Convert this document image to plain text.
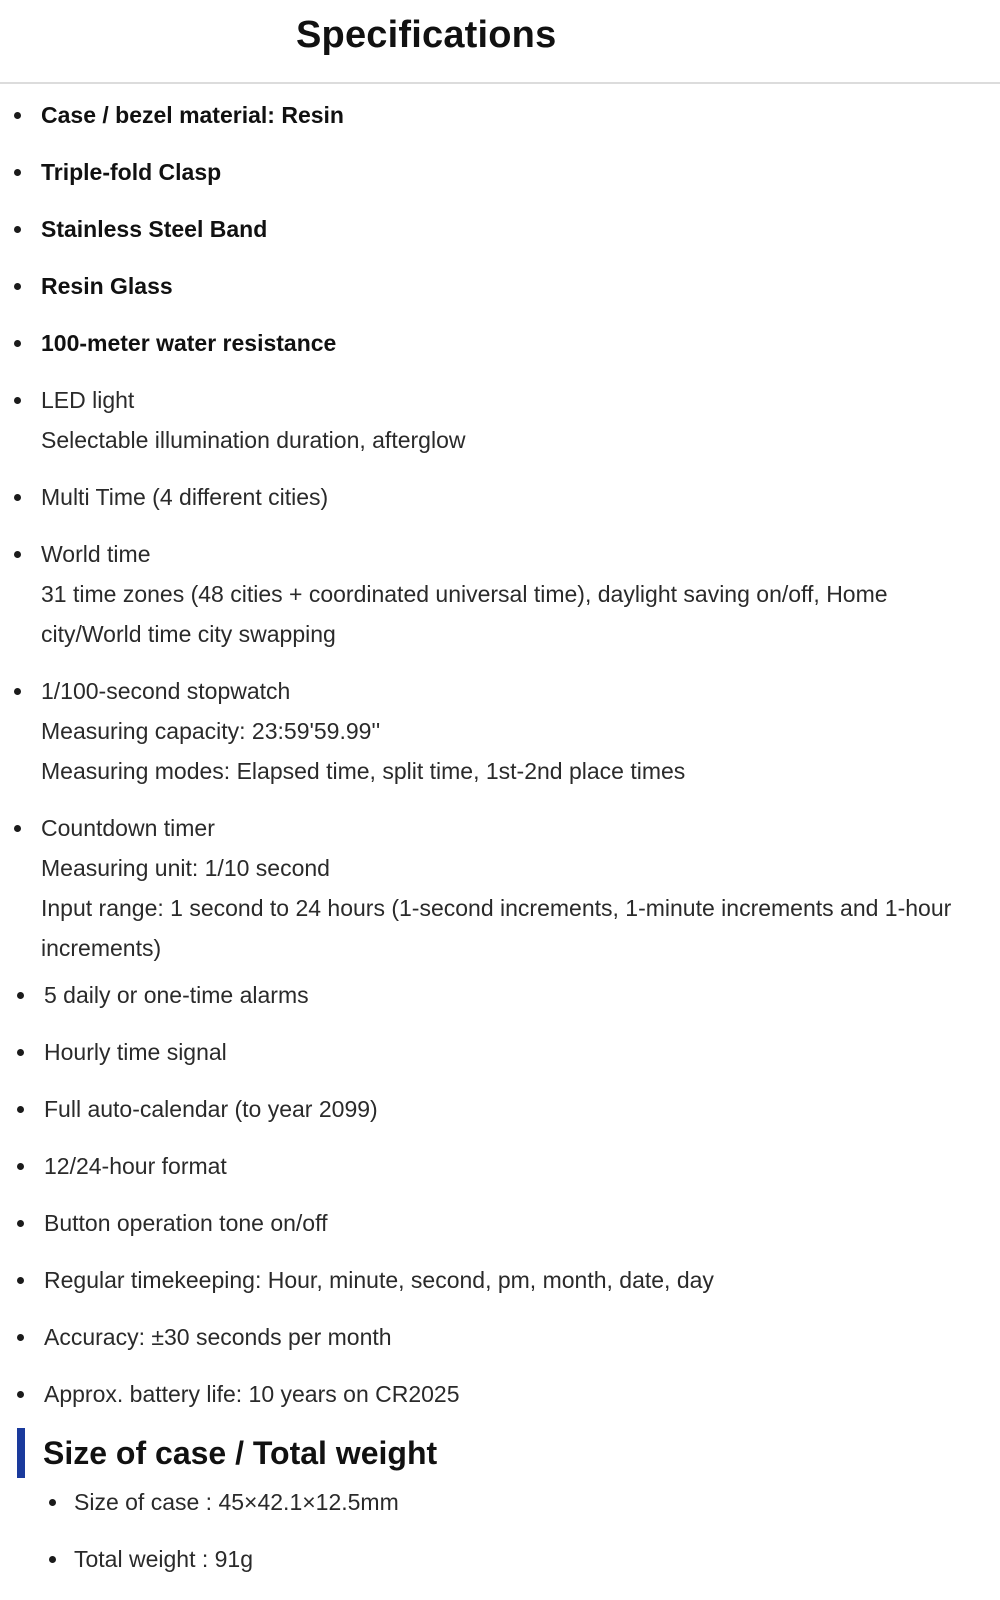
Specifications
Case / bezel material: Resin
Triple-fold Clasp
Stainless Steel Band
Resin Glass
100-meter water resistance
LED light
Selectable illumination duration, afterglow
Multi Time (4 different cities)
World time
31 time zones (48 cities + coordinated universal time), daylight saving on/off, Home city/World time city swapping
1/100-second stopwatch
Measuring capacity: 23:59'59.99''
Measuring modes: Elapsed time, split time, 1st-2nd place times
Countdown timer
Measuring unit: 1/10 second
Input range: 1 second to 24 hours (1-second increments, 1-minute increments and 1-hour increments)
5 daily or one-time alarms
Hourly time signal
Full auto-calendar (to year 2099)
12/24-hour format
Button operation tone on/off
Regular timekeeping: Hour, minute, second, pm, month, date, day
Accuracy: ±30 seconds per month
Approx. battery life: 10 years on CR2025
Size of case / Total weight
Size of case : 45×42.1×12.5mm
Total weight : 91g
